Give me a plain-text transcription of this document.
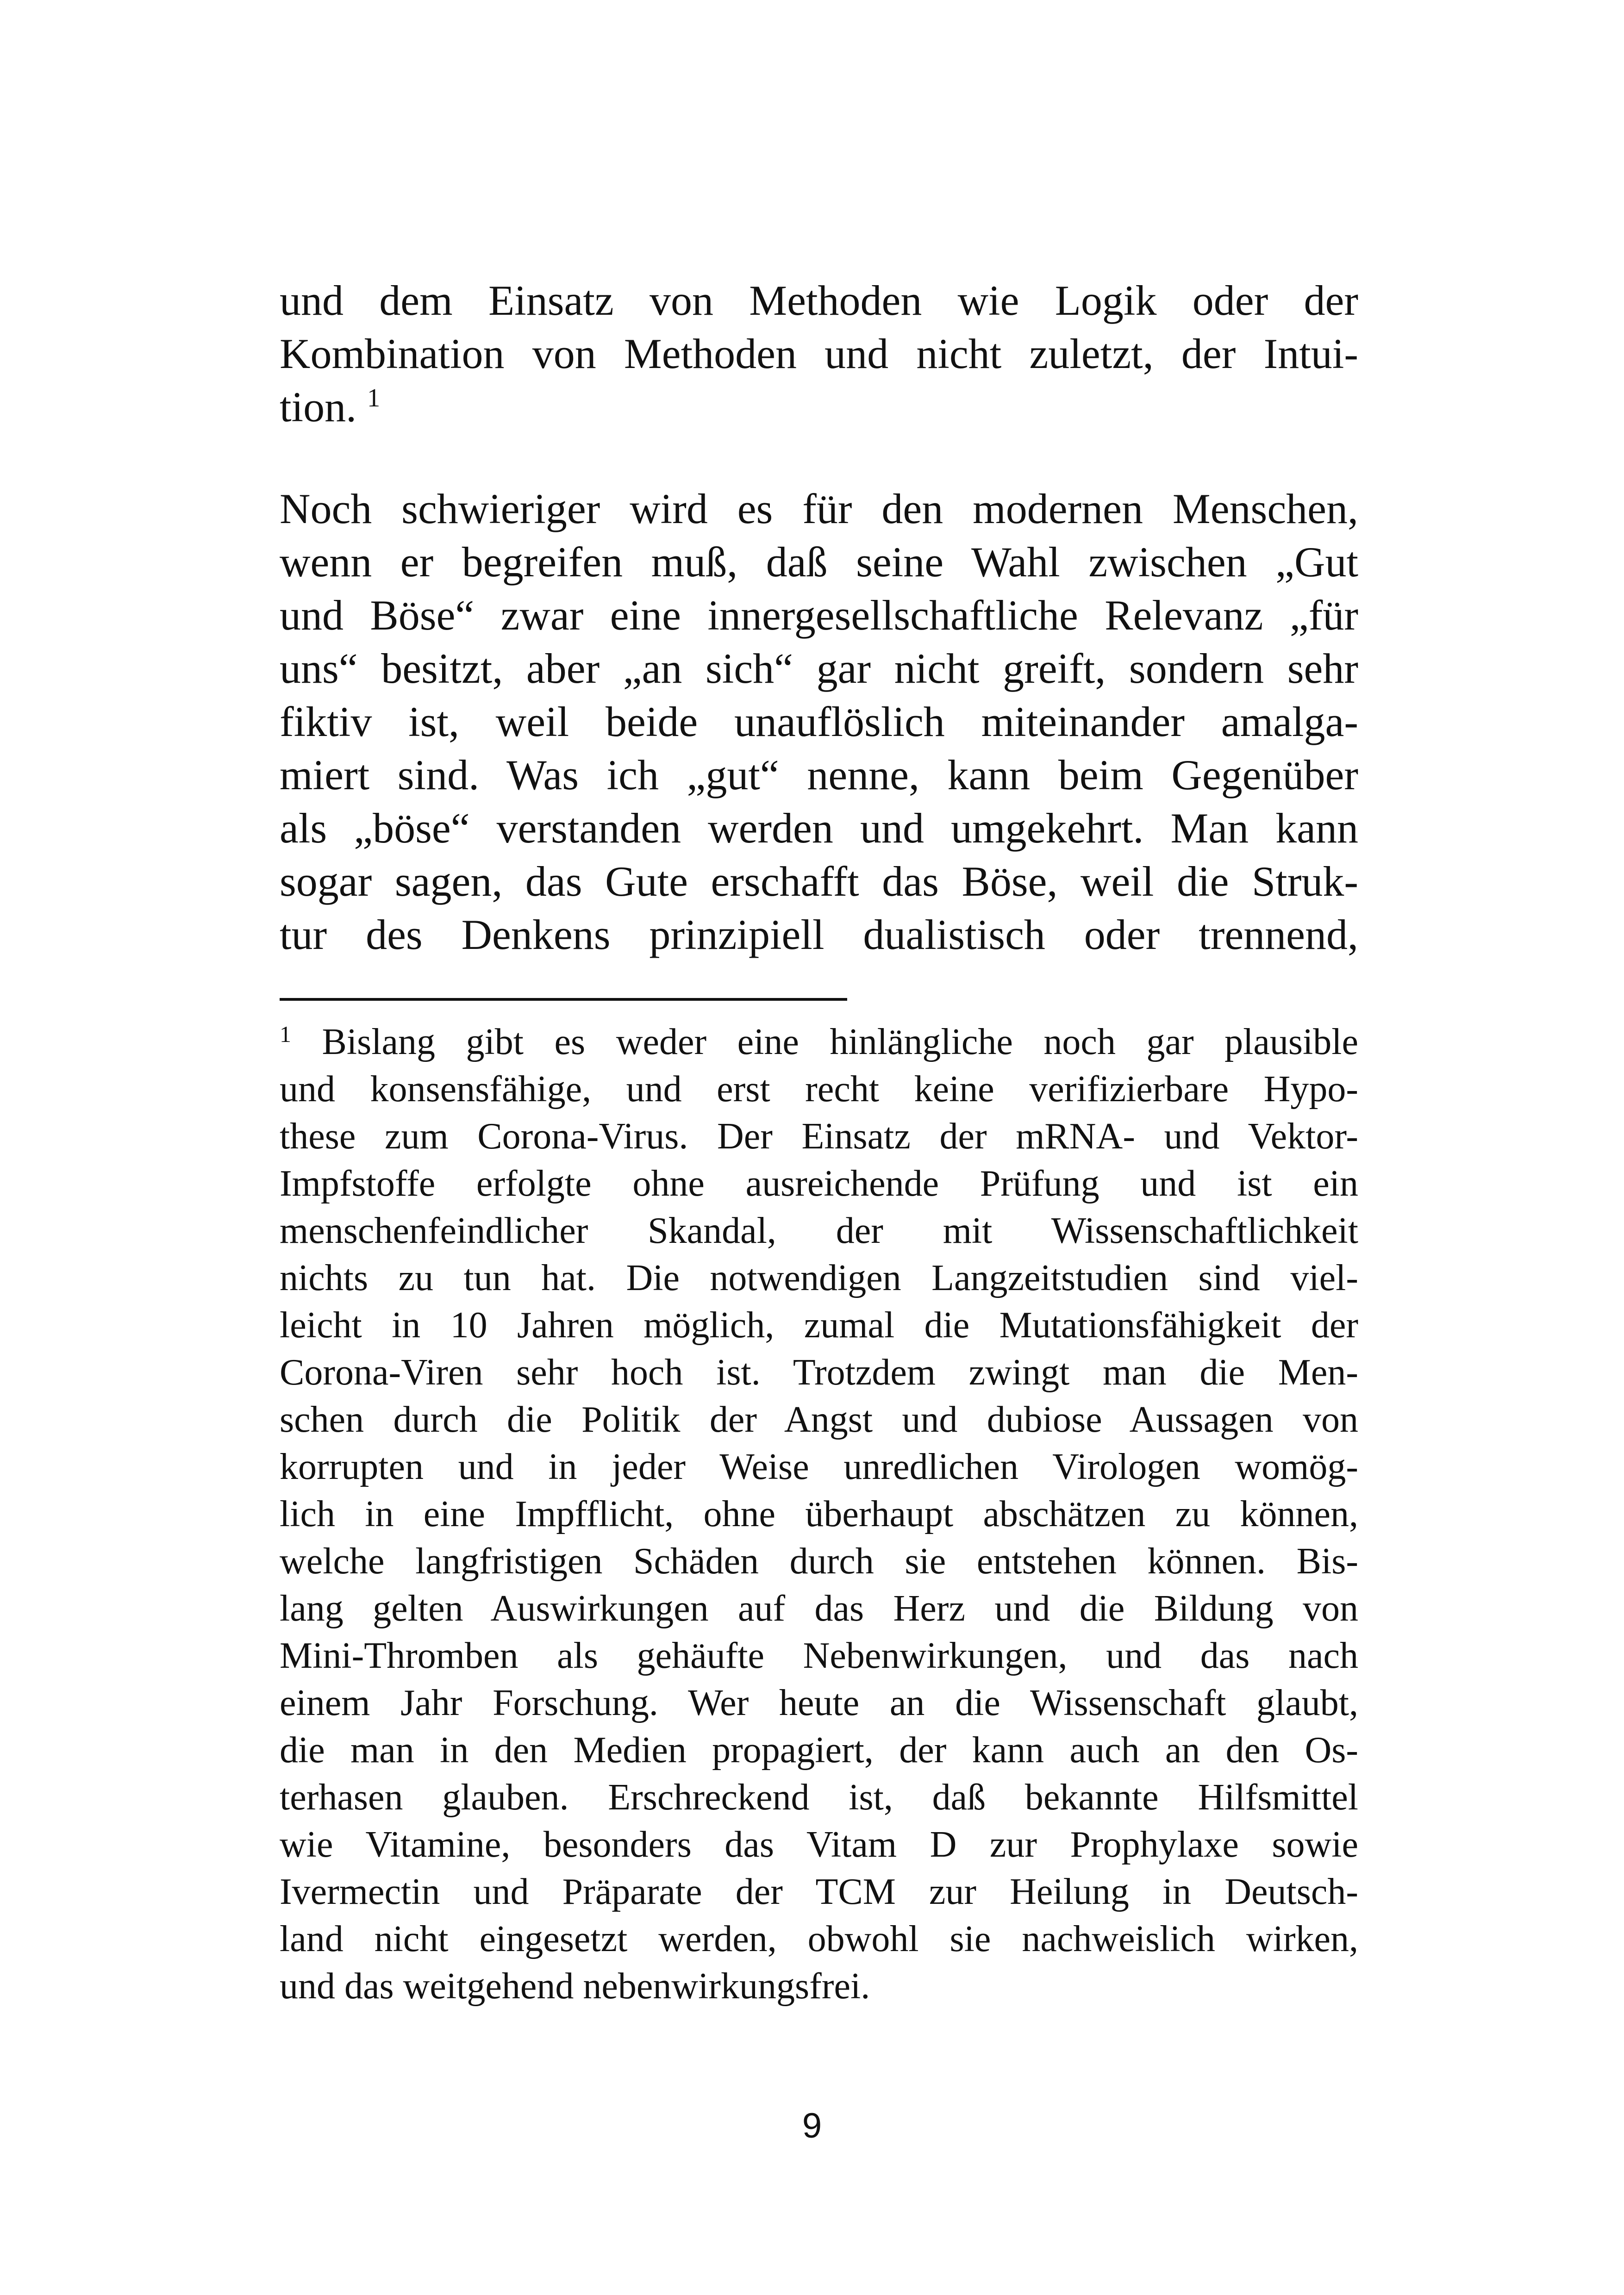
und dem Einsatz von Methoden wie Logik oder der
Kombination von Methoden und nicht zuletzt, der Intui-
tion. $^1$
Noch schwieriger wird es für den modernen Menschen,
wenn er begreifen muß, daß seine Wahl zwischen „Gut
und Böse“ zwar eine innergesellschaftliche Relevanz „für
uns“ besitzt, aber „an sich“ gar nicht greift, sondern sehr
fiktiv ist, weil beide unauflöslich miteinander amalga-
miert sind. Was ich „gut“ nenne, kann beim Gegenüber
als „böse“ verstanden werden und umgekehrt. Man kann
sogar sagen, das Gute erschafft das Böse, weil die Struk-
tur des Denkens prinzipiell dualistisch oder trennend,
$^1$ Bislang gibt es weder eine hinlängliche noch gar plausible
und konsensfähige, und erst recht keine verifizierbare Hypo-
these zum Corona-Virus. Der Einsatz der mRNA- und Vektor-
Impfstoffe erfolgte ohne ausreichende Prüfung und ist ein
menschenfeindlicher Skandal, der mit Wissenschaftlichkeit
nichts zu tun hat. Die notwendigen Langzeitstudien sind viel-
leicht in 10 Jahren möglich, zumal die Mutationsfähigkeit der
Corona-Viren sehr hoch ist. Trotzdem zwingt man die Men-
schen durch die Politik der Angst und dubiose Aussagen von
korrupten und in jeder Weise unredlichen Virologen womög-
lich in eine Impfflicht, ohne überhaupt abschätzen zu können,
welche langfristigen Schäden durch sie entstehen können. Bis-
lang gelten Auswirkungen auf das Herz und die Bildung von
Mini-Thromben als gehäufte Nebenwirkungen, und das nach
einem Jahr Forschung. Wer heute an die Wissenschaft glaubt,
die man in den Medien propagiert, der kann auch an den Os-
terhasen glauben. Erschreckend ist, daß bekannte Hilfsmittel
wie Vitamine, besonders das Vitam D zur Prophylaxe sowie
Ivermectin und Präparate der TCM zur Heilung in Deutsch-
land nicht eingesetzt werden, obwohl sie nachweislich wirken,
und das weitgehend nebenwirkungsfrei.
9
